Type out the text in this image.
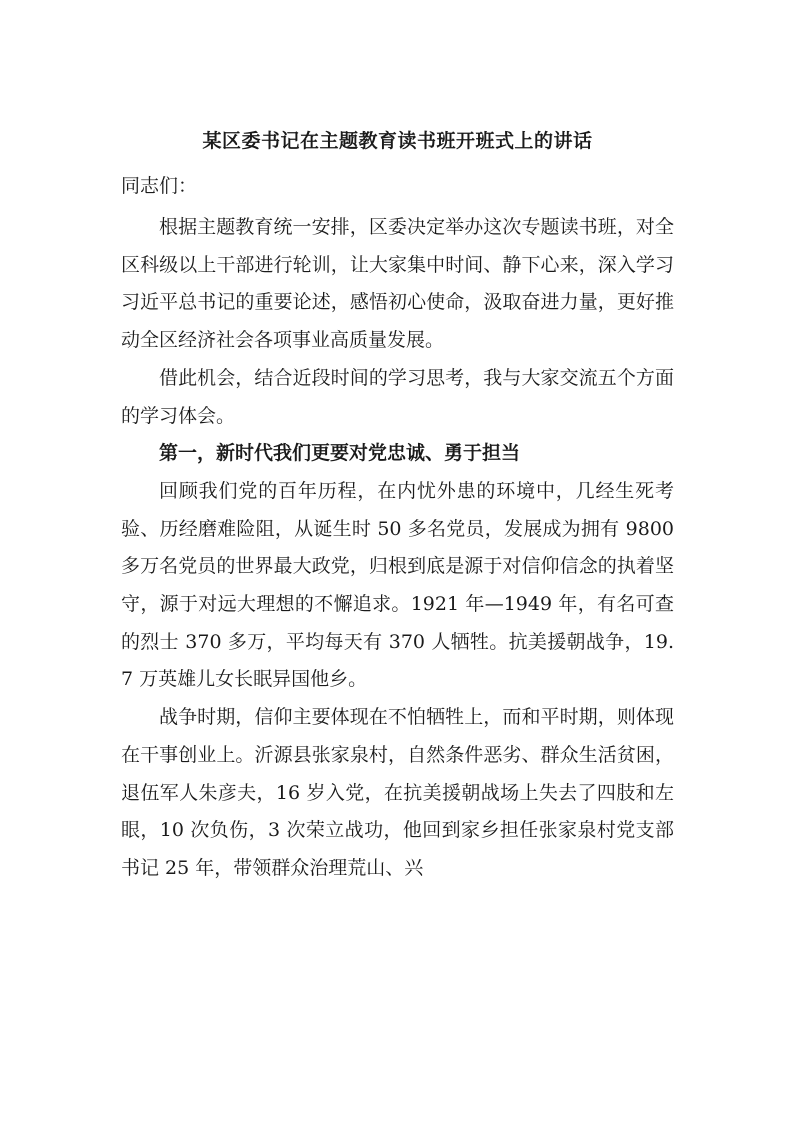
某区委书记在主题教育读书班开班式上的讲话

同志们：

根据主题教育统一安排，区委决定举办这次专题读书班，对全区科级以上干部进行轮训，让大家集中时间、静下心来，深入学习习近平总书记的重要论述，感悟初心使命，汲取奋进力量，更好推动全区经济社会各项事业高质量发展。

借此机会，结合近段时间的学习思考，我与大家交流五个方面的学习体会。

第一，新时代我们更要对党忠诚、勇于担当

回顾我们党的百年历程，在内忧外患的环境中，几经生死考验、历经磨难险阻，从诞生时 50 多名党员，发展成为拥有 9800 多万名党员的世界最大政党，归根到底是源于对信仰信念的执着坚守，源于对远大理想的不懈追求。1921 年—1949 年，有名可查的烈士 370 多万，平均每天有 370 人牺牲。抗美援朝战争，19.7 万英雄儿女长眠异国他乡。

战争时期，信仰主要体现在不怕牺牲上，而和平时期，则体现在干事创业上。沂源县张家泉村，自然条件恶劣、群众生活贫困，退伍军人朱彦夫，16 岁入党，在抗美援朝战场上失去了四肢和左眼，10 次负伤，3 次荣立战功，他回到家乡担任张家泉村党支部书记 25 年，带领群众治理荒山、兴
